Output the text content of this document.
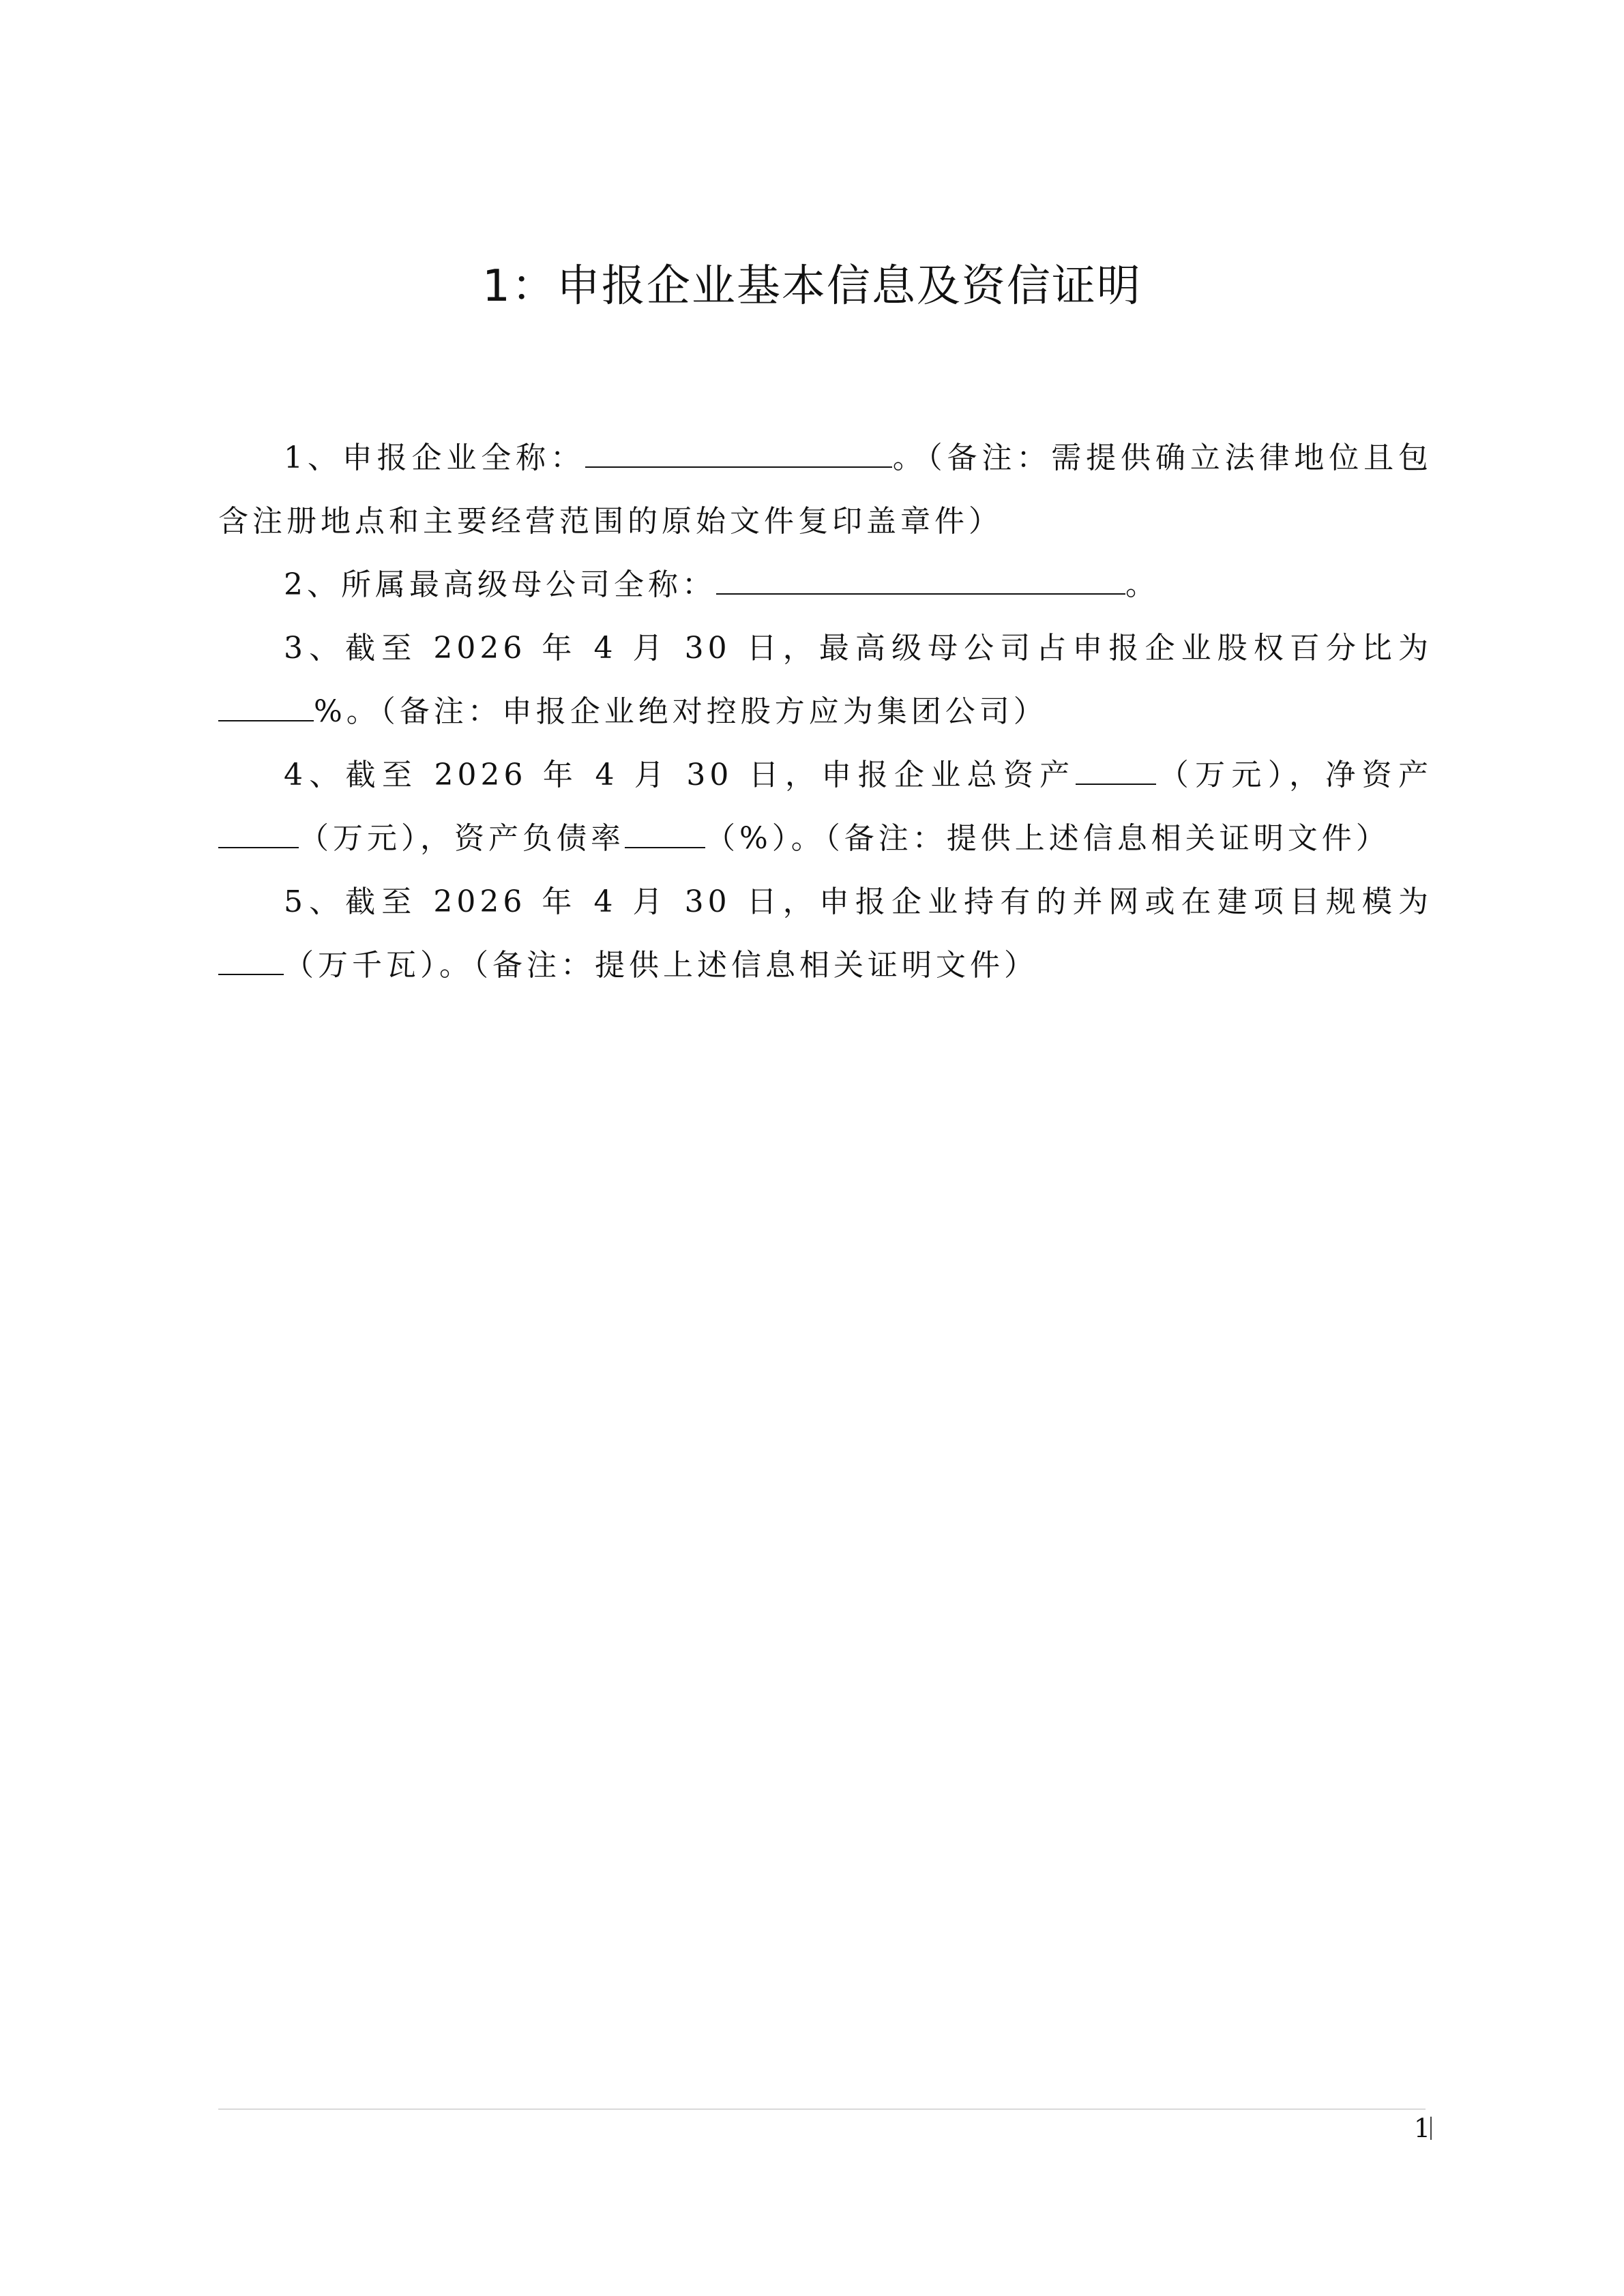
1：申报企业基本信息及资信证明

1、申报企业全称：	。（备注：需提供确立法律地位且包含注册地点和主要经营范围的原始文件复印盖章件）

2、所属最高级母公司全称：	。

3、截至 2026 年 4 月 30 日，最高级母公司占申报企业股权百分比为%。（备注：申报企业绝对控股方应为集团公司）

4、截至 2026 年 4 月 30 日，申报企业总资产	（万元），净资产（万元），资产负债率	（%）。（备注：提供上述信息相关证明文件）

5、截至 2026 年 4 月 30 日，申报企业持有的并网或在建项目规模为（万千瓦）。（备注：提供上述信息相关证明文件）

1
